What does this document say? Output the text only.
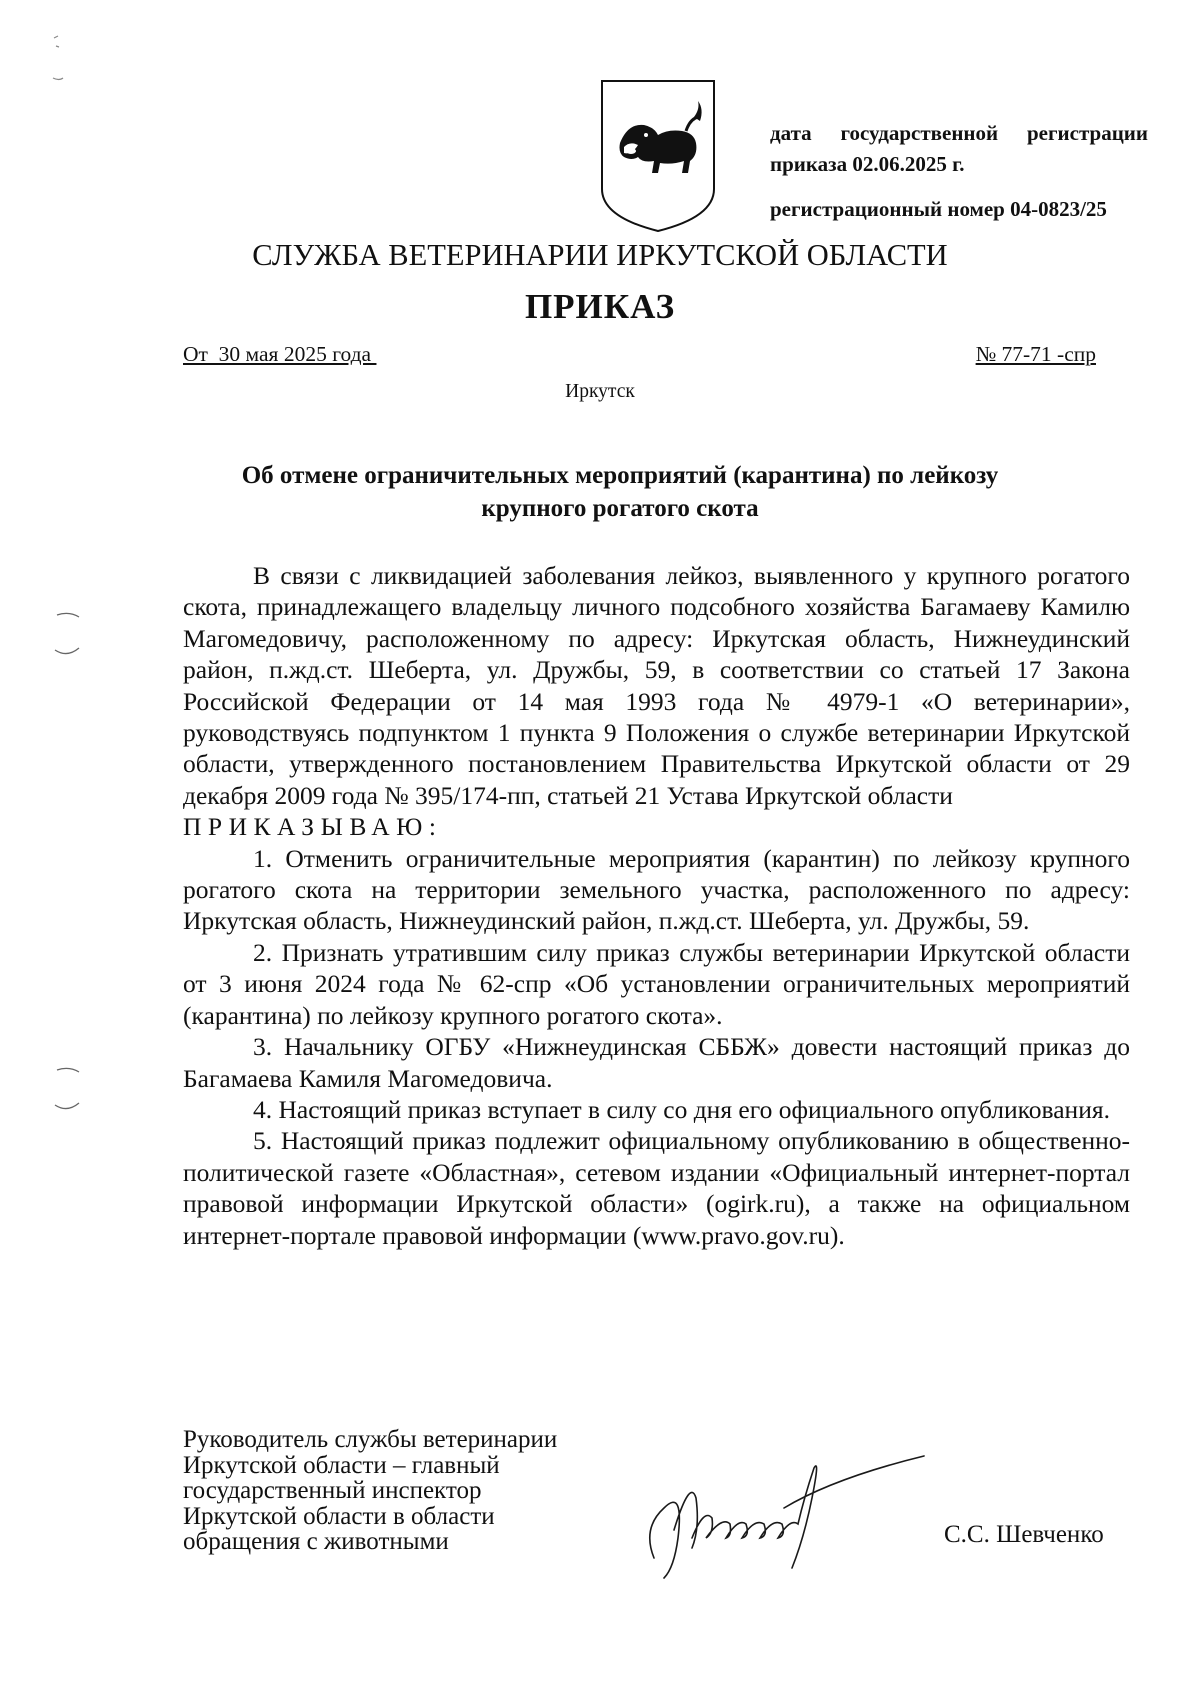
дата государственной регистрации
приказа 02.06.2025 г.
регистрационный номер 04-0823/25
СЛУЖБА ВЕТЕРИНАРИИ ИРКУТСКОЙ ОБЛАСТИ
ПРИКАЗ
От  30 мая 2025 года	№ 77-71 -спр
Иркутск
Об отмене ограничительных мероприятий (карантина) по лейкозу
крупного рогатого скота

В связи с ликвидацией заболевания лейкоз, выявленного у крупного рогатого скота, принадлежащего владельцу личного подсобного хозяйства Багамаеву Камилю Магомедовичу, расположенному по адресу: Иркутская область, Нижнеудинский район, п.жд.ст. Шеберта, ул. Дружбы, 59, в соответствии со статьей 17 Закона Российской Федерации от 14 мая 1993 года № 4979-1 «О ветеринарии», руководствуясь подпунктом 1 пункта 9 Положения о службе ветеринарии Иркутской области, утвержденного постановлением Правительства Иркутской области от 29 декабря 2009 года № 395/174-пп, статьей 21 Устава Иркутской области

ПРИКАЗЫВАЮ:

1. Отменить ограничительные мероприятия (карантин) по лейкозу крупного рогатого скота на территории земельного участка, расположенного по адресу: Иркутская область, Нижнеудинский район, п.жд.ст. Шеберта, ул. Дружбы, 59.

2. Признать утратившим силу приказ службы ветеринарии Иркутской области от 3 июня 2024 года № 62-спр «Об установлении ограничительных мероприятий (карантина) по лейкозу крупного рогатого скота».

3. Начальнику ОГБУ «Нижнеудинская СББЖ» довести настоящий приказ до Багамаева Камиля Магомедовича.

4. Настоящий приказ вступает в силу со дня его официального опубликования.

5. Настоящий приказ подлежит официальному опубликованию в общественно-политической газете «Областная», сетевом издании «Официальный интернет-портал правовой информации Иркутской области» (ogirk.ru), а также на официальном интернет-портале правовой информации (www.pravo.gov.ru).

Руководитель службы ветеринарии
Иркутской области – главный
государственный инспектор
Иркутской области в области
обращения с животными	С.С. Шевченко
